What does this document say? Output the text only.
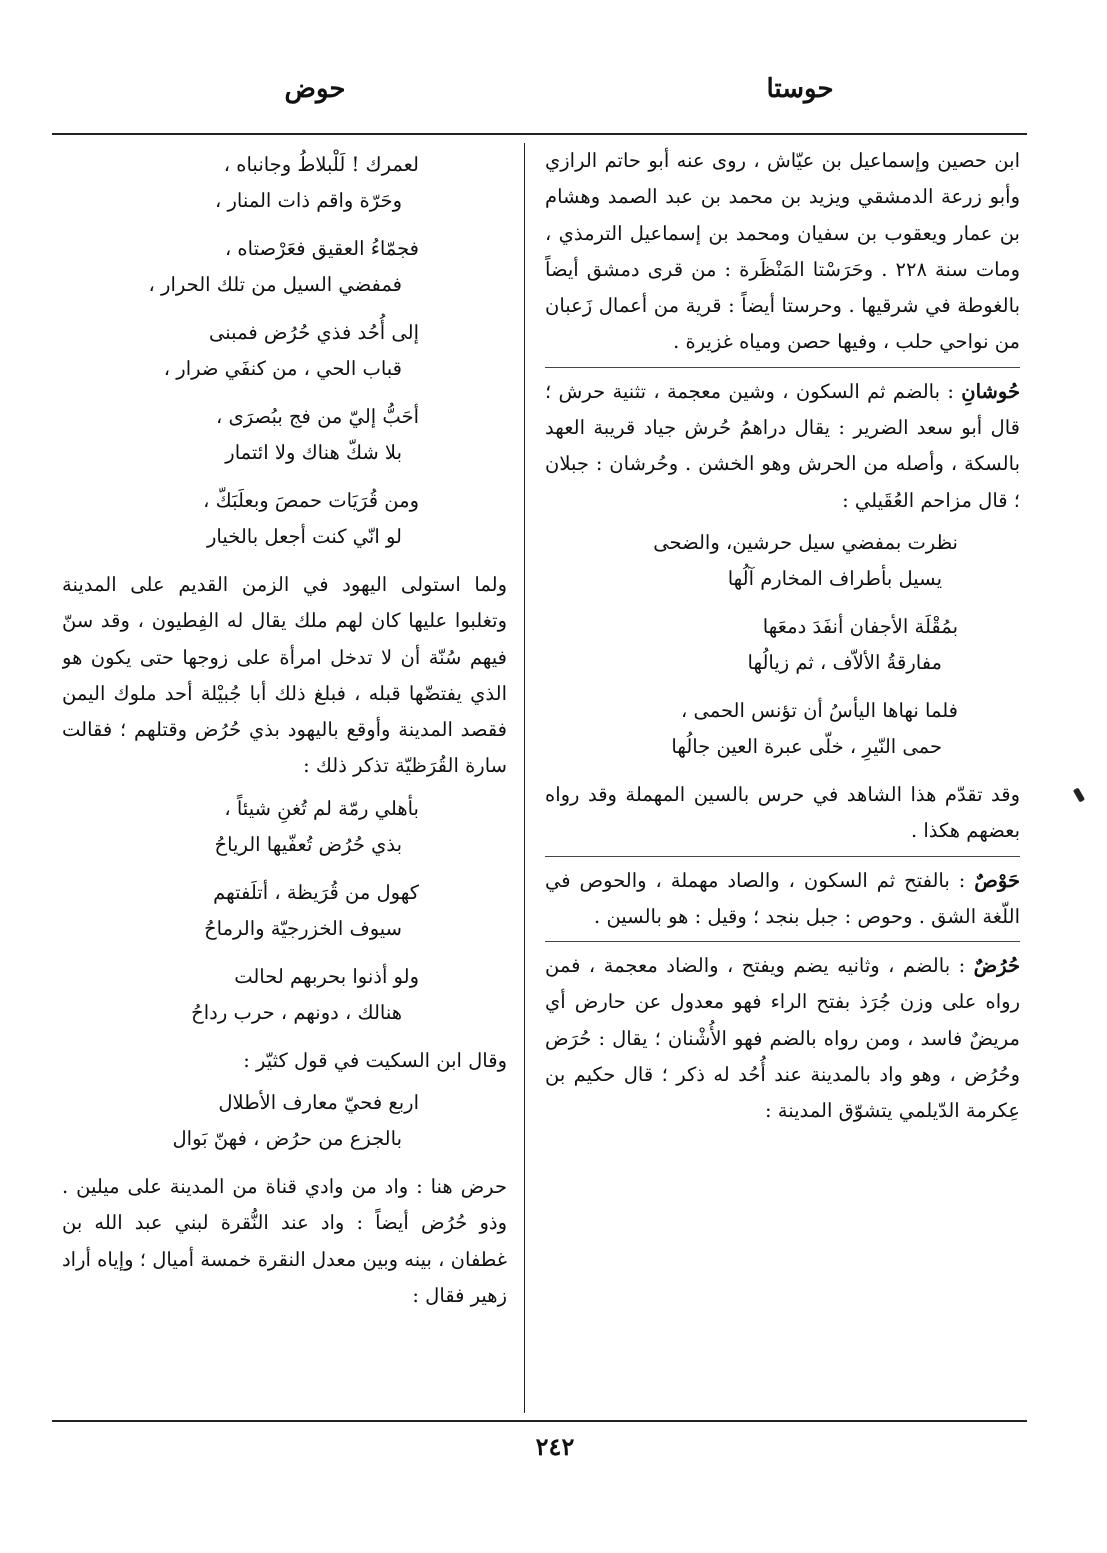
حوستا
حوض

ابن حصين وإسماعيل بن عيّاش ، روى عنه أبو حاتم الرازي وأبو زرعة الدمشقي ويزيد بن محمد بن عبد الصمد وهشام بن عمار ويعقوب بن سفيان ومحمد بن إسماعيل الترمذي ، ومات سنة ٢٢٨ . وحَرَسْتا المَنْظَرة : من قرى دمشق أيضاً بالغوطة في شرقيها . وحرستا أيضاً : قرية من أعمال زَعبان من نواحي حلب ، وفيها حصن ومياه غزيرة .

حُوشانِ : بالضم ثم السكون ، وشين معجمة ، تثنية حرش ؛ قال أبو سعد الضرير : يقال دراهمُ حُرش جياد قريبة العهد بالسكة ، وأصله من الحرش وهو الخشن . وحُرشان : جبلان ؛ قال مزاحم العُقَيلي :

نظرت بمفضي سيل حرشين، والضحى
يسيل بأطراف المخارم آلُها
بمُقْلَة الأجفان أنفَدَ دمعَها
مفارقةُ الألاّف ، ثم زيالُها
فلما نهاها اليأسُ أن تؤنس الحمى ،
حمى النّيرِ ، خلّى عبرة العين جالُها

وقد تقدّم هذا الشاهد في حرس بالسين المهملة وقد رواه بعضهم هكذا .

حَوْصٌ : بالفتح ثم السكون ، والصاد مهملة ، والحوص في اللّغة الشق . وحوص : جبل بنجد ؛ وقيل : هو بالسين .

حُرُضٌ : بالضم ، وثانيه يضم ويفتح ، والضاد معجمة ، فمن رواه على وزن جُرَذ بفتح الراء فهو معدول عن حارض أي مريضٌ فاسد ، ومن رواه بالضم فهو الأُشْنان ؛ يقال : حُرَض وحُرُض ، وهو واد بالمدينة عند أُحُد له ذكر ؛ قال حكيم بن عِكرمة الدّيلمي يتشوّق المدينة :

لعمرك ! لَلْبلاطُ وجانباه ،
وحَرّة واقم ذات المنار ،
فجمّاءُ العقيق فعَرْصتاه ،
فمفضي السيل من تلك الحرار ،
إلى أُحُد فذي حُرُض فمبنى
قباب الحي ، من كنفَي ضرار ،
أحَبُّ إليّ من فج ببُصرَى ،
بلا شكّ هناك ولا ائتمار
ومن قُرَيَات حمصَ وبعلَبَكّ ،
لو انّي كنت أجعل بالخيار

ولما استولى اليهود في الزمن القديم على المدينة وتغلبوا عليها كان لهم ملك يقال له الفِطيون ، وقد سنّ فيهم سُنّة أن لا تدخل امرأة على زوجها حتى يكون هو الذي يفتضّها قبله ، فبلغ ذلك أبا جُبيْلة أحد ملوك اليمن فقصد المدينة وأوقع باليهود بذي حُرُض وقتلهم ؛ فقالت سارة القُرَظيّة تذكر ذلك :

بأهلي رمّة لم تُغنِ شيئاً ،
بذي حُرُض تُعفّيها الرياحُ
كهول من قُرَيظة ، أتلَفتهم
سيوف الخزرجيّة والرماحُ
ولو أذنوا بحربهم لحالت
هنالك ، دونهم ، حرب رداحُ

وقال ابن السكيت في قول كثيّر :

اربع فحيّ معارف الأطلال
بالجزع من حرُض ، فهنّ بَوال

حرض هنا : واد من وادي قناة من المدينة على ميلين . وذو حُرُض أيضاً : واد عند النُّقرة لبني عبد الله بن غطفان ، بينه وبين معدل النقرة خمسة أميال ؛ وإياه أراد زهير فقال :

٢٤٢
